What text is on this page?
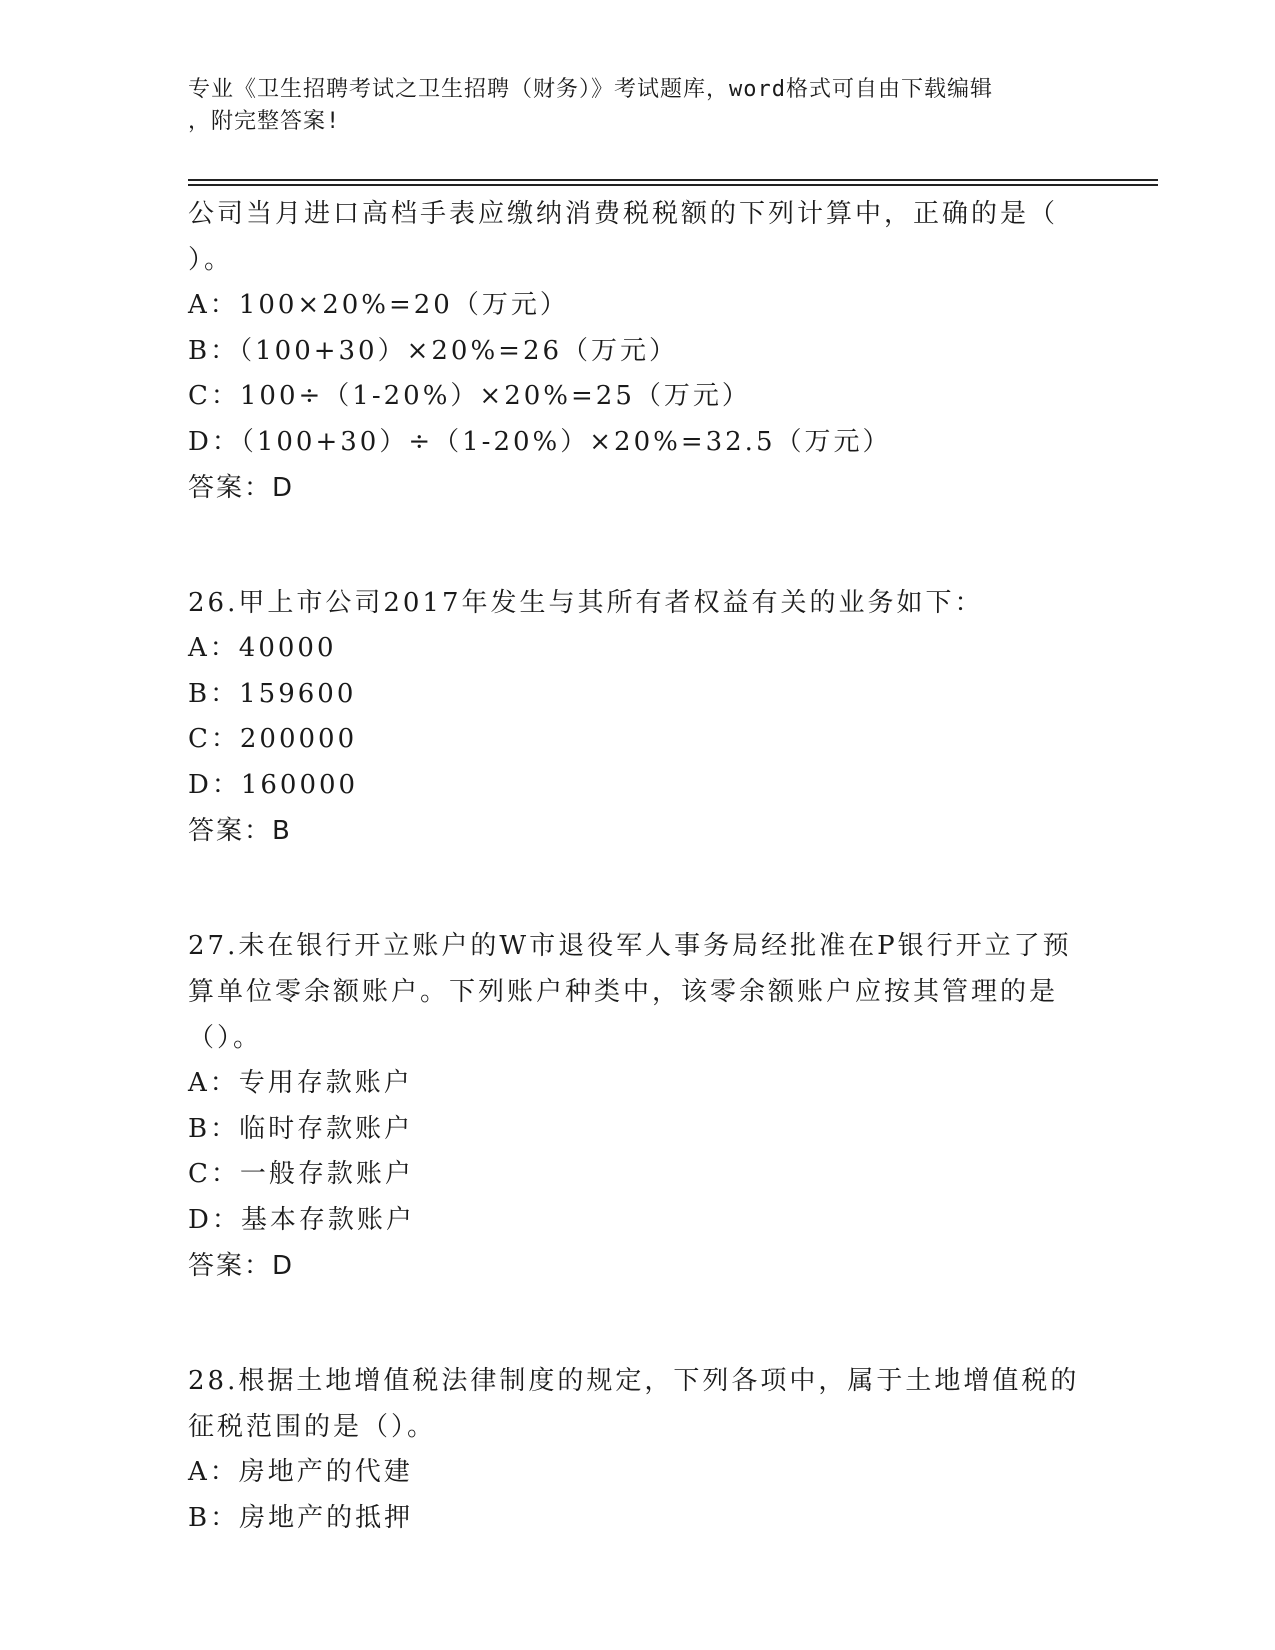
专业《卫生招聘考试之卫生招聘（财务）》考试题库，word格式可自由下载编辑
，附完整答案!

公司当月进口高档手表应缴纳消费税税额的下列计算中，正确的是（

）。

A：100×20%=20（万元）

B：（100+30）×20%=26（万元）

C：100÷（1-20%）×20%=25（万元）

D：（100+30）÷（1-20%）×20%=32.5（万元）

答案：D

26.甲上市公司2017年发生与其所有者权益有关的业务如下：

A：40000

B：159600

C：200000

D：160000

答案：B

27.未在银行开立账户的W市退役军人事务局经批准在P银行开立了预

算单位零余额账户。下列账户种类中，该零余额账户应按其管理的是

（）。

A：专用存款账户

B：临时存款账户

C：一般存款账户

D：基本存款账户

答案：D

28.根据土地增值税法律制度的规定，下列各项中，属于土地增值税的

征税范围的是（）。

A：房地产的代建

B：房地产的抵押
